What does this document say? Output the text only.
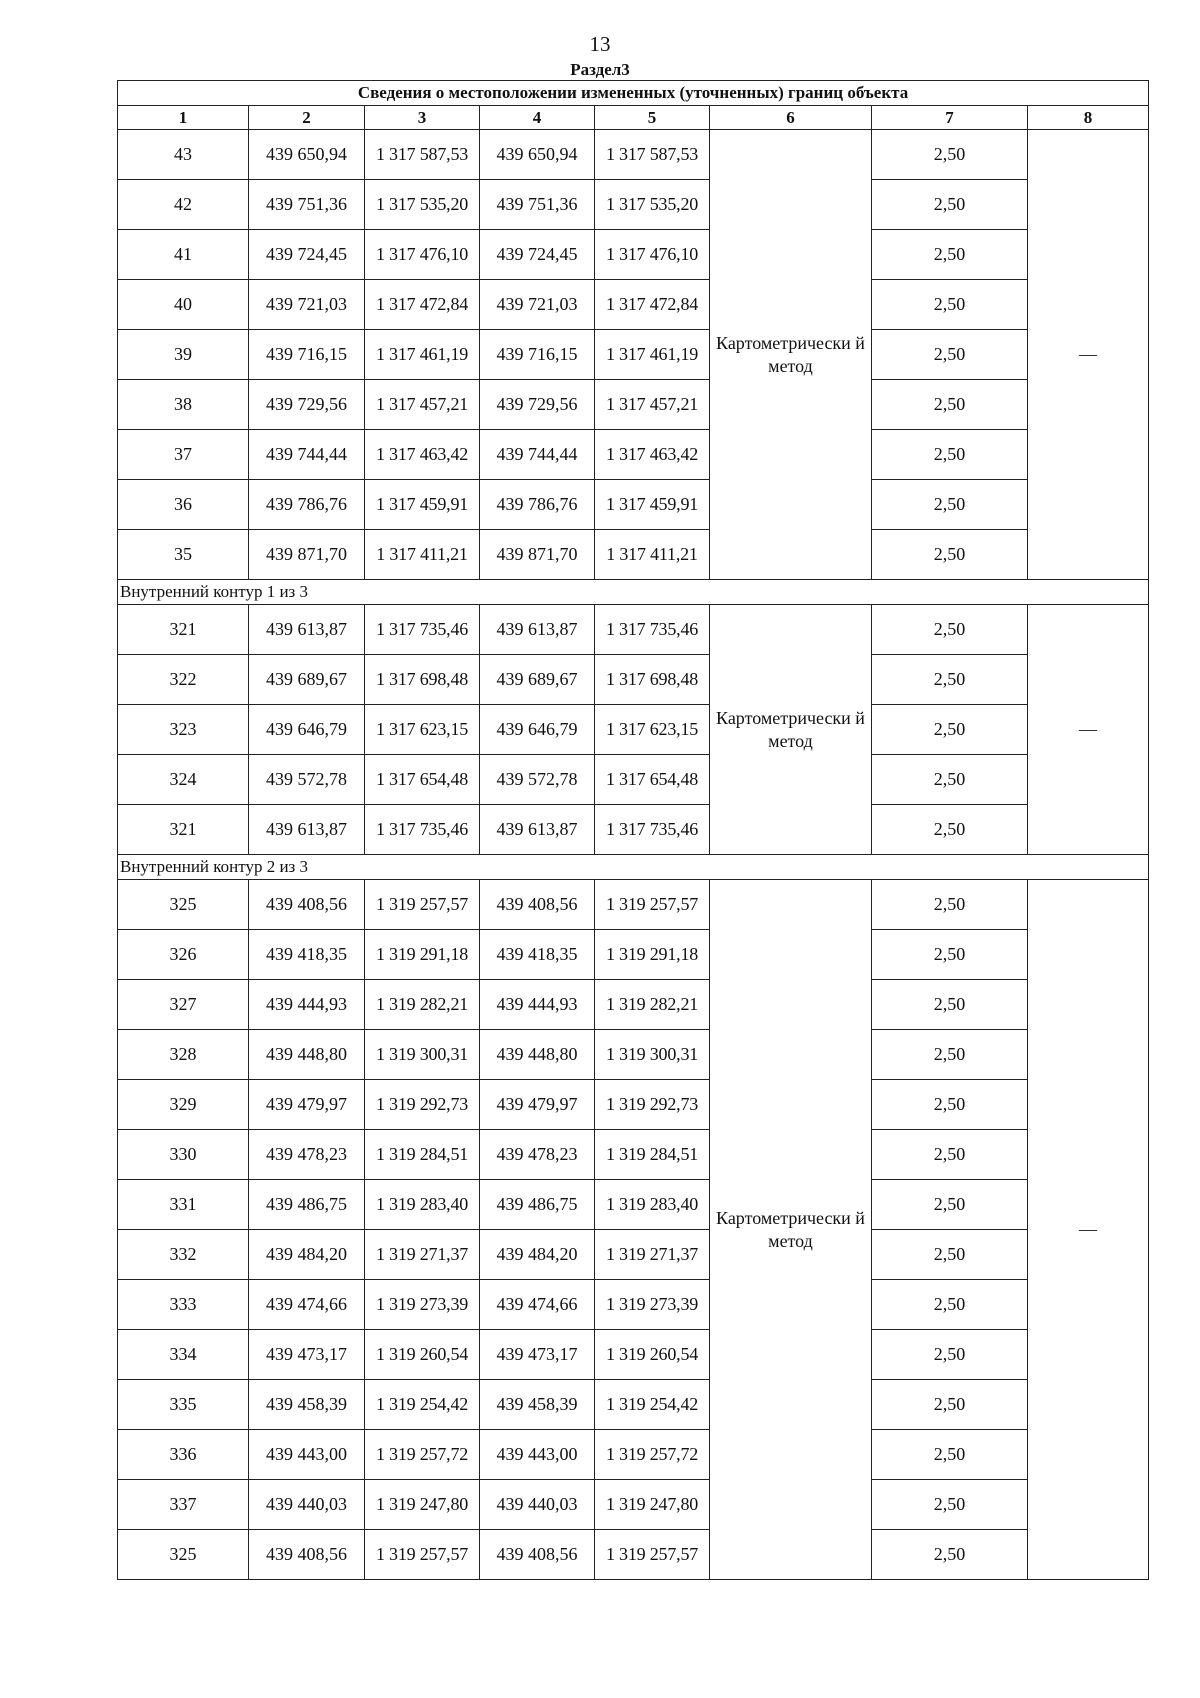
13
Раздел3
Сведения о местоположении измененных (уточненных) границ объекта							
1	2	3	4	5	6	7	8
43	439 650,94	1 317 587,53	439 650,94	1 317 587,53	Картометрически й метод	2,50	—
42	439 751,36	1 317 535,20	439 751,36	1 317 535,20		2,50	
41	439 724,45	1 317 476,10	439 724,45	1 317 476,10		2,50	
40	439 721,03	1 317 472,84	439 721,03	1 317 472,84		2,50	
39	439 716,15	1 317 461,19	439 716,15	1 317 461,19		2,50	
38	439 729,56	1 317 457,21	439 729,56	1 317 457,21		2,50	
37	439 744,44	1 317 463,42	439 744,44	1 317 463,42		2,50	
36	439 786,76	1 317 459,91	439 786,76	1 317 459,91		2,50	
35	439 871,70	1 317 411,21	439 871,70	1 317 411,21		2,50	
Внутренний контур 1 из 3							
321	439 613,87	1 317 735,46	439 613,87	1 317 735,46	Картометрически й метод	2,50	—
322	439 689,67	1 317 698,48	439 689,67	1 317 698,48		2,50	
323	439 646,79	1 317 623,15	439 646,79	1 317 623,15		2,50	
324	439 572,78	1 317 654,48	439 572,78	1 317 654,48		2,50	
321	439 613,87	1 317 735,46	439 613,87	1 317 735,46		2,50	
Внутренний контур 2 из 3							
325	439 408,56	1 319 257,57	439 408,56	1 319 257,57	Картометрически й метод	2,50	—
326	439 418,35	1 319 291,18	439 418,35	1 319 291,18		2,50	
327	439 444,93	1 319 282,21	439 444,93	1 319 282,21		2,50	
328	439 448,80	1 319 300,31	439 448,80	1 319 300,31		2,50	
329	439 479,97	1 319 292,73	439 479,97	1 319 292,73		2,50	
330	439 478,23	1 319 284,51	439 478,23	1 319 284,51		2,50	
331	439 486,75	1 319 283,40	439 486,75	1 319 283,40		2,50	
332	439 484,20	1 319 271,37	439 484,20	1 319 271,37		2,50	
333	439 474,66	1 319 273,39	439 474,66	1 319 273,39		2,50	
334	439 473,17	1 319 260,54	439 473,17	1 319 260,54		2,50	
335	439 458,39	1 319 254,42	439 458,39	1 319 254,42		2,50	
336	439 443,00	1 319 257,72	439 443,00	1 319 257,72		2,50	
337	439 440,03	1 319 247,80	439 440,03	1 319 247,80		2,50	
325	439 408,56	1 319 257,57	439 408,56	1 319 257,57		2,50	
